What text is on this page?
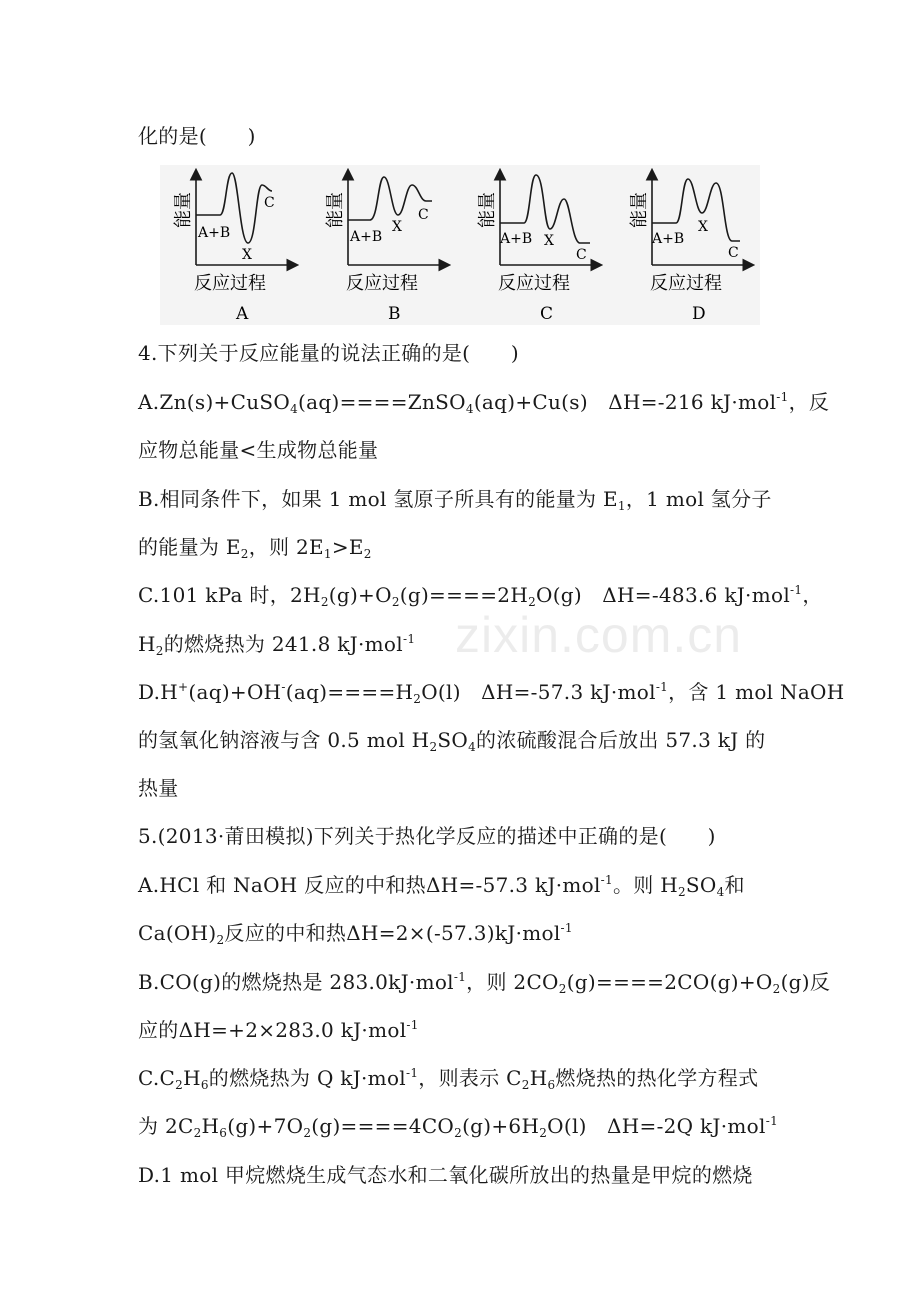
化的是(　　)
能量
A+B
X
C
反应过程
A
能量
A+B
X
C
反应过程
B
能量
A+B X
C
反应过程
C
能量
A+B
X
C
反应过程
D
4.下列关于反应能量的说法正确的是(　　)
A.Zn(s)+CuSO$_4$(aq)====ZnSO$_4$(aq)+Cu(s)　ΔH=-216 kJ·mol$^{-1}$，反
应物总能量<生成物总能量
B.相同条件下，如果 1 mol 氢原子所具有的能量为 $E_1$，1 mol 氢分子
的能量为 $E_2$，则 $2E_1>E_2$
C.101 kPa 时，$2H_2(g)+O_2(g)====2H_2O(g)$　ΔH=-483.6 kJ·mol$^{-1}$，
$H_2$的燃烧热为 241.8 kJ·mol$^{-1}$
$D.H^+(aq)+OH^-(aq)====H_2O(l)$　ΔH=-57.3 kJ·mol$^{-1}$，含 1 mol NaOH
的氢氧化钠溶液与含 0.5 mol $H_2SO_4$的浓硫酸混合后放出 57.3 kJ 的
热量
5.(2013·莆田模拟)下列关于热化学反应的描述中正确的是(　　)
A.HCl 和 NaOH 反应的中和热ΔH=-57.3 kJ·mol$^{-1}$。则 $H_2SO_4$和
$Ca(OH)_2$反应的中和热ΔH=2×(-57.3)kJ·mol$^{-1}$
B.CO(g)的燃烧热是 283.0kJ·mol$^{-1}$，则 $2CO_2(g)====2CO(g)+O_2(g)$反
应的ΔH=+2×283.0 kJ·mol$^{-1}$
$C.C_2H_6$的燃烧热为 Q kJ·mol$^{-1}$，则表示 $C_2H_6$燃烧热的热化学方程式
为 $2C_2H_6(g)+7O_2(g)====4CO_2(g)+6H_2O(l)$　ΔH=-2Q kJ·mol$^{-1}$
D.1 mol 甲烷燃烧生成气态水和二氧化碳所放出的热量是甲烷的燃烧
zixin.com.cn
